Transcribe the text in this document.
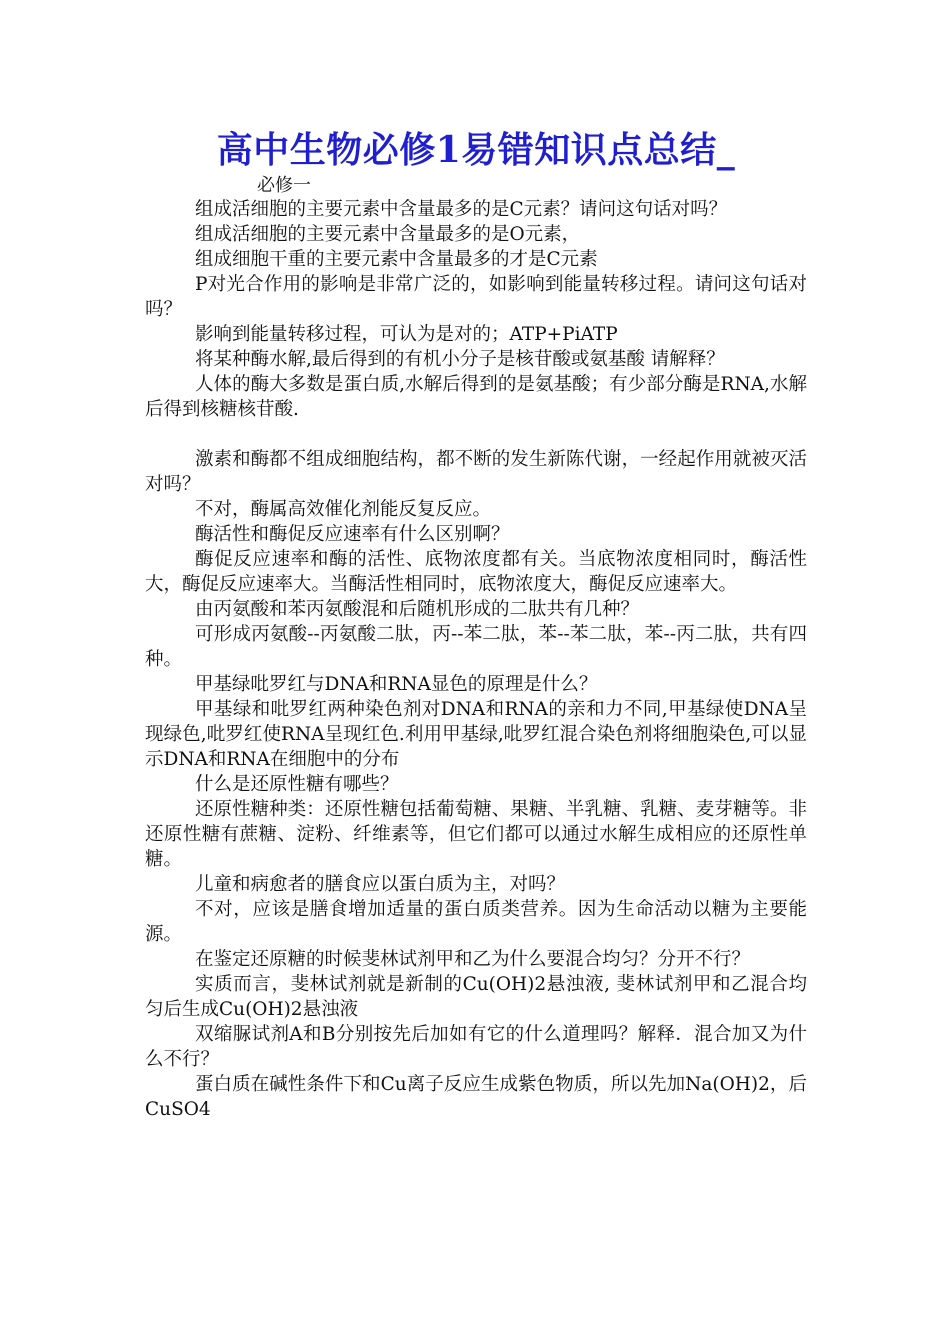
高中生物必修1易错知识点总结_
必修一

组成活细胞的主要元素中含量最多的是C元素？请问这句话对吗？

组成活细胞的主要元素中含量最多的是O元素，

组成细胞干重的主要元素中含量最多的才是C元素

P对光合作用的影响是非常广泛的，如影响到能量转移过程。请问这句话对吗？

影响到能量转移过程，可认为是对的；ATP+PiATP

将某种酶水解,最后得到的有机小分子是核苷酸或氨基酸 请解释？

人体的酶大多数是蛋白质,水解后得到的是氨基酸；有少部分酶是RNA,水解后得到核糖核苷酸.

激素和酶都不组成细胞结构，都不断的发生新陈代谢，一经起作用就被灭活 对吗？

不对，酶属高效催化剂能反复反应。

酶活性和酶促反应速率有什么区别啊？

酶促反应速率和酶的活性、底物浓度都有关。当底物浓度相同时，酶活性大，酶促反应速率大。当酶活性相同时，底物浓度大，酶促反应速率大。

由丙氨酸和苯丙氨酸混和后随机形成的二肽共有几种？

可形成丙氨酸--丙氨酸二肽，丙--苯二肽，苯--苯二肽，苯--丙二肽，共有四种。

甲基绿吡罗红与DNA和RNA显色的原理是什么？

甲基绿和吡罗红两种染色剂对DNA和RNA的亲和力不同,甲基绿使DNA呈现绿色,吡罗红使RNA呈现红色.利用甲基绿,吡罗红混合染色剂将细胞染色,可以显示DNA和RNA在细胞中的分布

什么是还原性糖有哪些？

还原性糖种类：还原性糖包括葡萄糖、果糖、半乳糖、乳糖、麦芽糖等。非还原性糖有蔗糖、淀粉、纤维素等，但它们都可以通过水解生成相应的还原性单糖。

儿童和病愈者的膳食应以蛋白质为主，对吗？

不对，应该是膳食增加适量的蛋白质类营养。因为生命活动以糖为主要能源。

在鉴定还原糖的时候斐林试剂甲和乙为什么要混合均匀？分开不行？

实质而言，斐林试剂就是新制的Cu(OH)2悬浊液, 斐林试剂甲和乙混合均匀后生成Cu(OH)2悬浊液

双缩脲试剂A和B分别按先后加如有它的什么道理吗？解释．混合加又为什么不行？

蛋白质在碱性条件下和Cu离子反应生成紫色物质，所以先加Na(OH)2，后CuSO4
